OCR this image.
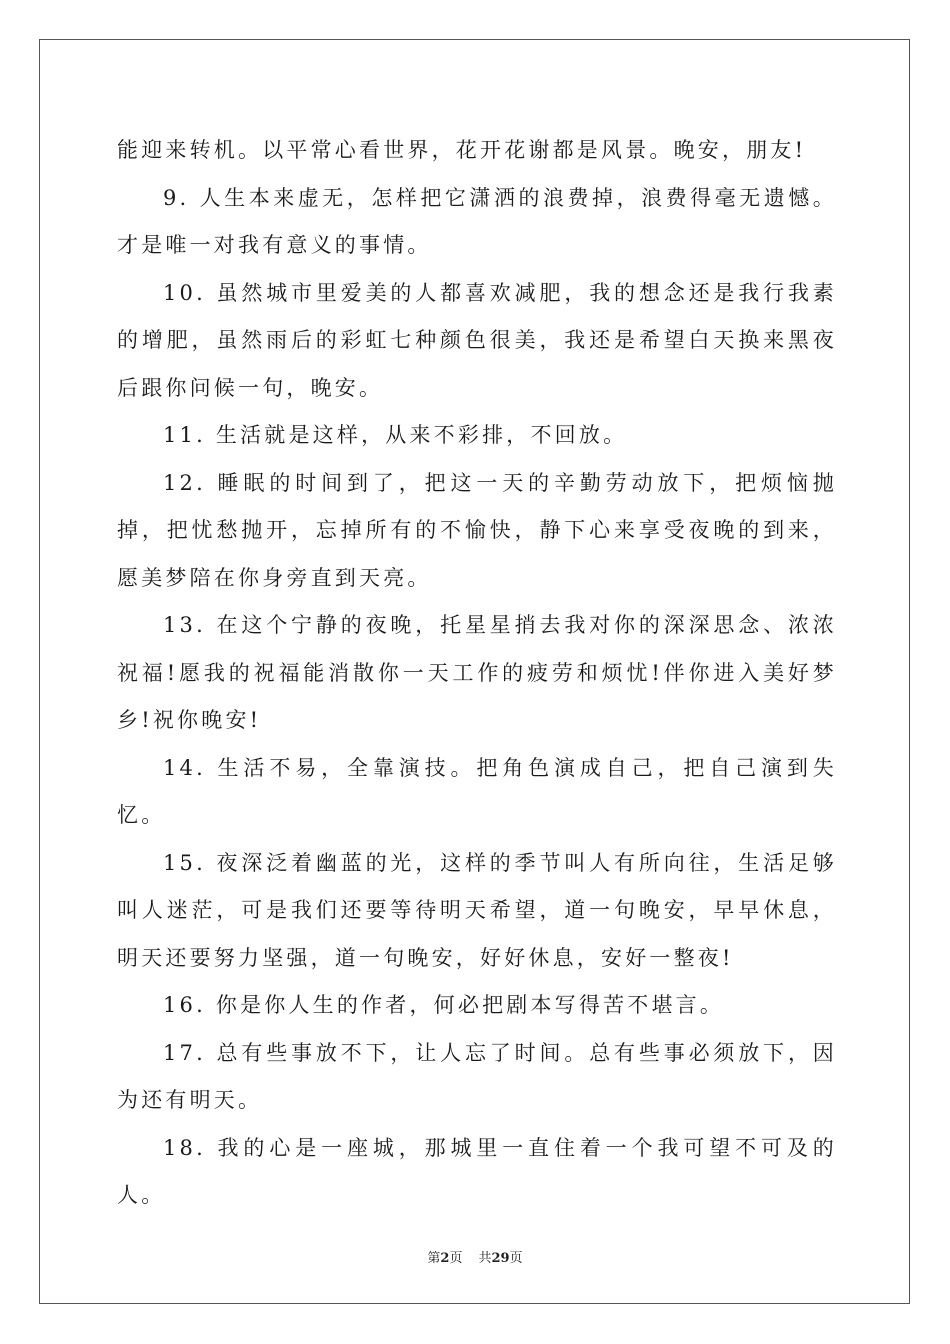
能迎来转机。以平常心看世界，花开花谢都是风景。晚安，朋友!

9. 人生本来虚无，怎样把它潇洒的浪费掉，浪费得毫无遗憾。才是唯一对我有意义的事情。

10. 虽然城市里爱美的人都喜欢减肥，我的想念还是我行我素的增肥，虽然雨后的彩虹七种颜色很美，我还是希望白天换来黑夜后跟你问候一句，晚安。

11. 生活就是这样，从来不彩排，不回放。

12. 睡眠的时间到了，把这一天的辛勤劳动放下，把烦恼抛掉，把忧愁抛开，忘掉所有的不愉快，静下心来享受夜晚的到来，愿美梦陪在你身旁直到天亮。

13. 在这个宁静的夜晚，托星星捎去我对你的深深思念、浓浓祝福!愿我的祝福能消散你一天工作的疲劳和烦忧!伴你进入美好梦乡!祝你晚安!

14. 生活不易，全靠演技。把角色演成自己，把自己演到失忆。

15. 夜深泛着幽蓝的光，这样的季节叫人有所向往，生活足够叫人迷茫，可是我们还要等待明天希望，道一句晚安，早早休息，明天还要努力坚强，道一句晚安，好好休息，安好一整夜!

16. 你是你人生的作者，何必把剧本写得苦不堪言。

17. 总有些事放不下，让人忘了时间。总有些事必须放下，因为还有明天。

18. 我的心是一座城，那城里一直住着一个我可望不可及的人。

第2页 共29页
